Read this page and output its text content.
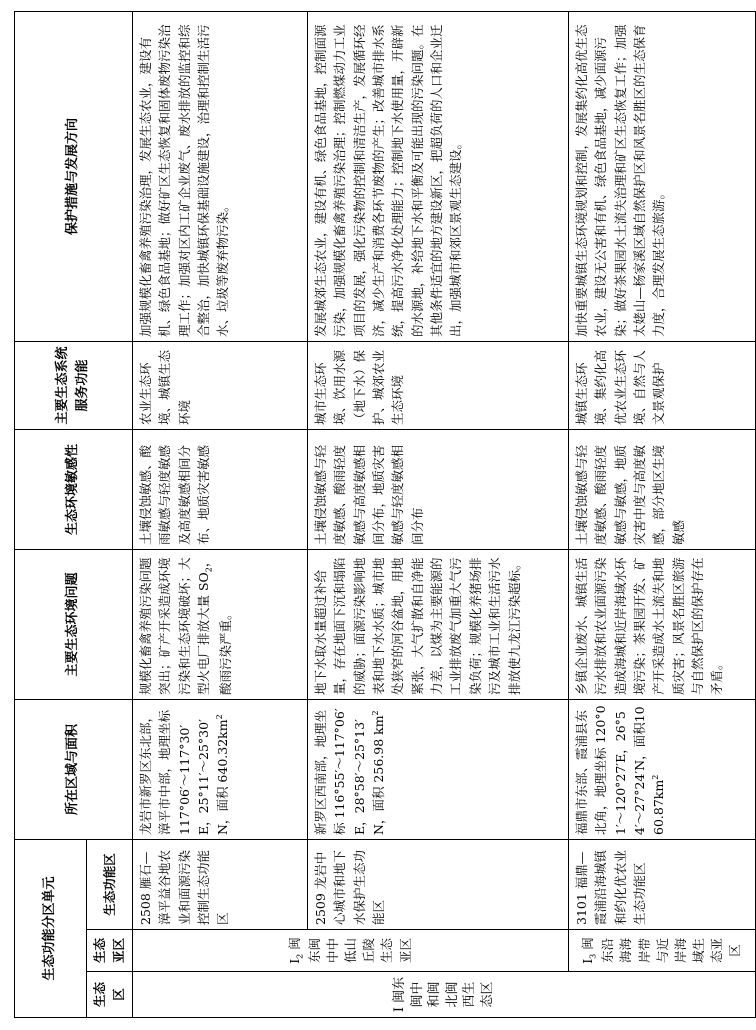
生态功能分区单元			所在区域与面积	主要生态环境问题	生态环境敏感性	主要生态系统服务功能	保护措施与发展方向
生态区	生态亚区	生态功能区					
I 闽东闽中和闽北闽西生态区	$I_2$ 闽东闽中中低山丘陵生态亚区	2508 雁石—漳平益谷地农业和面源污染控制生态功能区	龙岩市新罗区东北部，漳平市中部，地理坐标 117°06′～117°30′E，25°11′～25°30′N，面积 $640.32km^2$	规模化畜禽养殖污染问题突出；矿产开采造成环境污染和生态环境破坏；大型火电厂排放大量 $SO_2$，酸雨污染严重。	土壤侵蚀敏感、酸雨敏感与轻度敏感及高度敏感相间分布、地质灾害敏感	农业生态环境、城镇生态环境	加强规模化畜禽养殖污染治理，发展生态农业，建设有机、绿色食品基地；做好矿区生态恢复和固体废物污染治理工作；加强对区内工矿企业废气、废水排放的监控和综合整治，加快城镇环保基础设施建设，治理和控制生活污水、垃圾等废弃物污染。
		2509 龙岩中心城市和地下水保护生态功能区	新罗区西南部，地理坐标 116°55′～117°06′E，28°58′～25°13′N，面积 256.98 $km^2$	地下水取水量超过补给量，存在地面下沉和塌陷的威胁；面源污染影响地表和地下水水质；城市地处狭窄的河谷盆地，用地紧张，大气扩散和自净能力差，以煤为主要能源的工业排放废气加重大气污染负荷；规模化养猪场排污及城市工业和生活污水排放使九龙江污染超标。	土壤侵蚀敏感与轻度敏感、酸雨轻度敏感与高度敏感相间分布，地质灾害敏感与轻度敏感相间分布	城市生态环境、饮用水源（地下水）保护、城郊农业生态环境	发展城郊生态农业，建设有机、绿色食品基地，控制面源污染，加强规模化畜禽养殖污染治理；控制燃煤动力工业项目的发展，强化污染物的控制和清洁生产，发展循环经济，减少生产和消费各环节废物的产生；改善城市排水系统，提高污水净化处理能力；控制地下水使用量，开辟新的水源地，补给地下水和平衡及可能出现的污染问题。在其他条件适宜的地方建设新区，把超负荷的人口和企业迁出，加强城市和郊区景观生态建设。
	$I_3$ 闽东沿海海岸带与近岸海域生态亚区	3101 福鼎—霞浦沿海城镇和约化优农业生态功能区	福鼎市东部、霞浦县东北角，地理坐标 120°01′～120°27′E，26°54′～27°24′N，面积$1060.87km^2$	乡镇企业废水、城镇生活污水排放和农业面源污染造成海城和近岸海域水环境污染；茶果园开发、矿产开采造成水土流失和地质灾害；风景名胜区旅游与自然保护区的保护存在矛盾。	土壤侵蚀敏感与轻度敏感、酸雨轻度敏感与敏感，地质灾害中度与高度敏感，部分地区生境敏感	城镇生态环境、集约化高优农业生态环境、自然与人文景观保护	加快重要城镇生态环境规划和控制，发展集约化高优生态农业，建设无公害和有机、绿色食品基地，减少面源污染；做好茶果园水土流失治理和矿区生态恢复工作；加强太姥山—杨家溪区域自然保护区和风景名胜区的生态保育力度，合理发展生态旅游。
